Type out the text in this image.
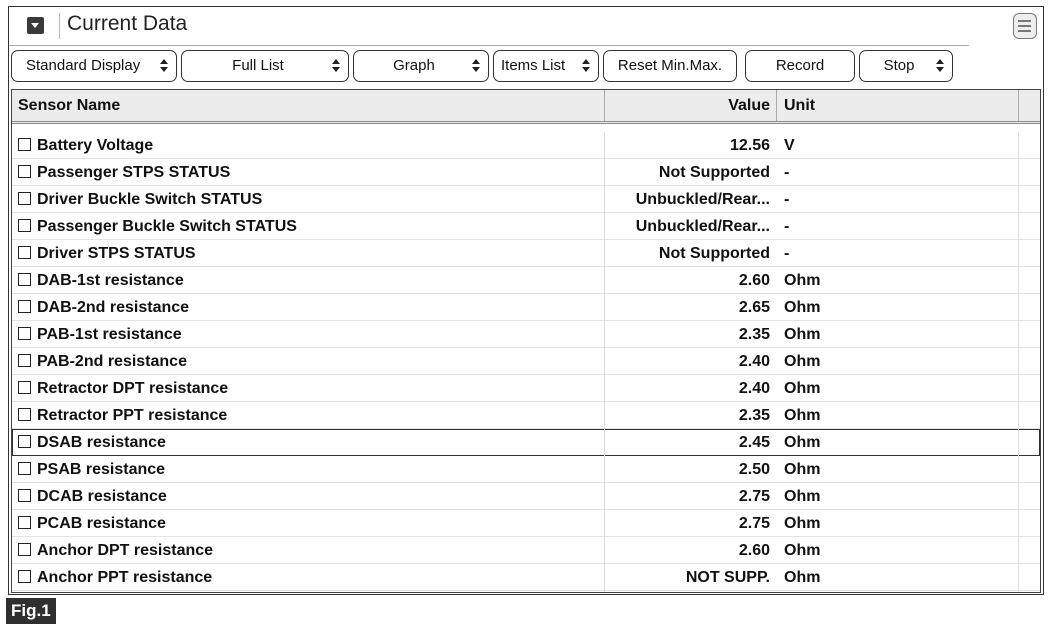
Current Data
Standard Display	Full List	Graph	Items List	Reset Min.Max.	Record	Stop
Sensor Name	Value Unit
Battery Voltage	12.56 V
Passenger STPS STATUS	Not Supported -
Driver Buckle Switch STATUS	Unbuckled/Rear... -
Passenger Buckle Switch STATUS	Unbuckled/Rear... -
Driver STPS STATUS	Not Supported -
DAB-1st resistance	2.60 Ohm
DAB-2nd resistance	2.65 Ohm
PAB-1st resistance	2.35 Ohm
PAB-2nd resistance	2.40 Ohm
Retractor DPT resistance	2.40 Ohm
Retractor PPT resistance	2.35 Ohm
DSAB resistance	2.45 Ohm
PSAB resistance	2.50 Ohm
DCAB resistance	2.75 Ohm
PCAB resistance	2.75 Ohm
Anchor DPT resistance	2.60 Ohm
Anchor PPT resistance	NOT SUPP. Ohm
Fig.1
